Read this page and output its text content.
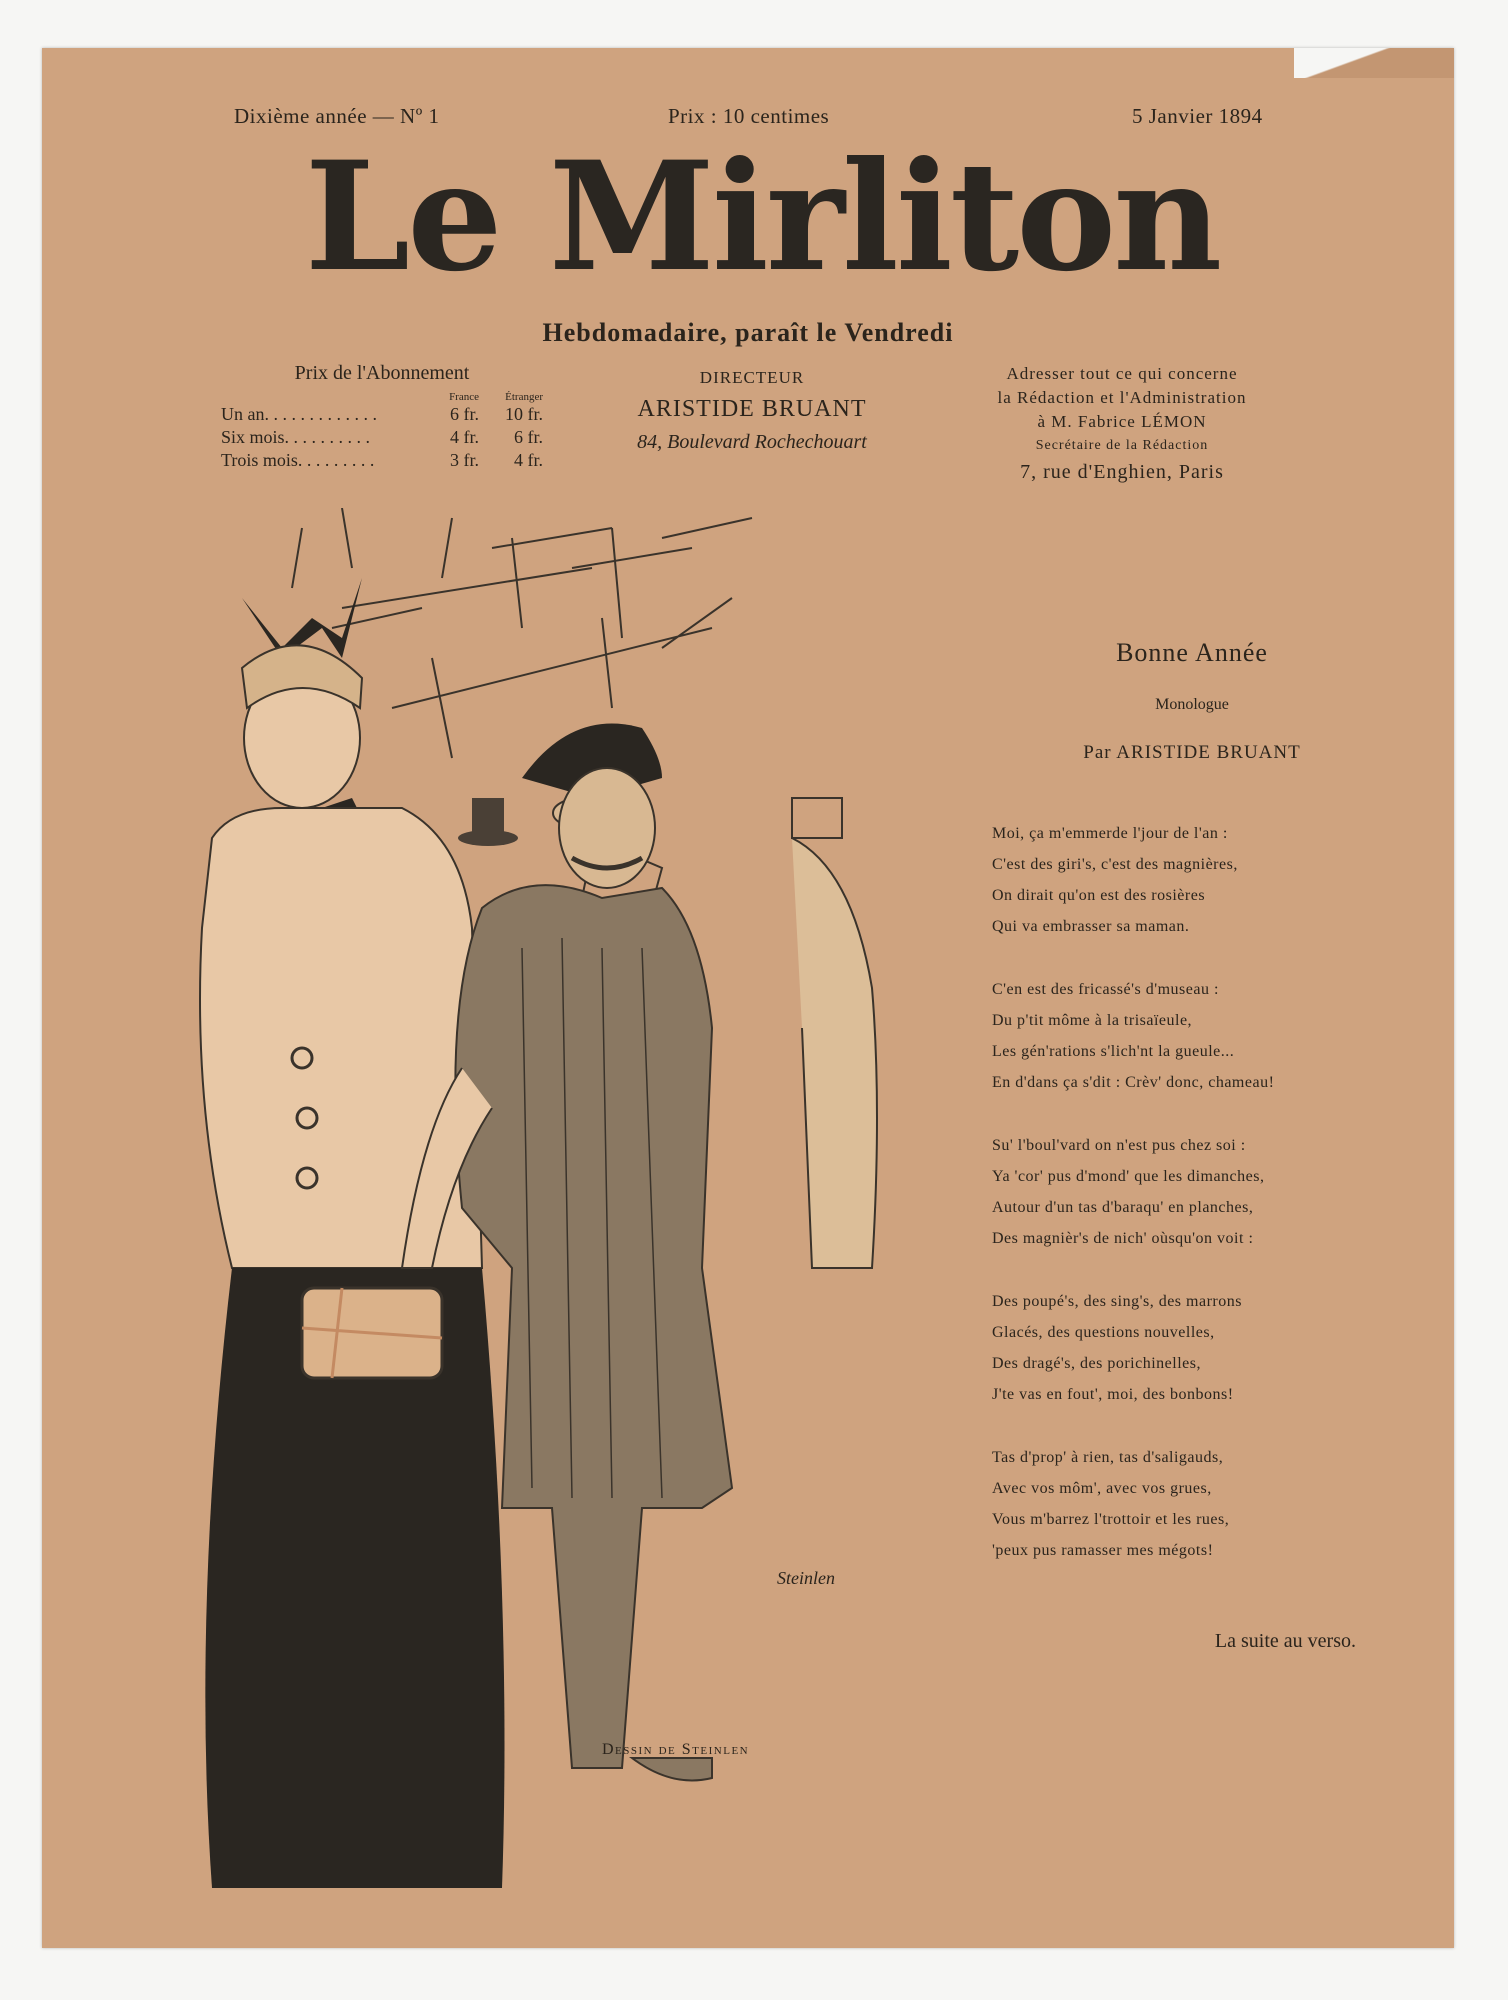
Dixième année — Nº 1	Prix : 10 centimes	5 Janvier 1894
Le Mirliton
Hebdomadaire, paraît le Vendredi
Prix de l'Abonnement
	France	Étranger
Un an. . . . . . . . . . . . .	6 fr.	10 fr.
Six mois. . . . . . . . . .	4 fr.	6 fr.
Trois mois. . . . . . . . .	3 fr.	4 fr.
DIRECTEUR
ARISTIDE BRUANT
84, Boulevard Rochechouart
Adresser tout ce qui concerne
la Rédaction et l'Administration
à M. Fabrice LÉMON
Secrétaire de la Rédaction
7, rue d'Enghien, Paris
Steinlen
Dessin de Steinlen
Bonne Année
Monologue
Par ARISTIDE BRUANT
Moi, ça m'emmerde l'jour de l'an :
C'est des giri's, c'est des magnières,
On dirait qu'on est des rosières
Qui va embrasser sa maman.
C'en est des fricassé's d'museau :
Du p'tit môme à la trisaïeule,
Les gén'rations s'lich'nt la gueule...
En d'dans ça s'dit : Crèv' donc, chameau!
Su' l'boul'vard on n'est pus chez soi :
Ya 'cor' pus d'mond' que les dimanches,
Autour d'un tas d'baraqu' en planches,
Des magnièr's de nich' oùsqu'on voit :
Des poupé's, des sing's, des marrons
Glacés, des questions nouvelles,
Des dragé's, des porichinelles,
J'te vas en fout', moi, des bonbons!
Tas d'prop' à rien, tas d'saligauds,
Avec vos môm', avec vos grues,
Vous m'barrez l'trottoir et les rues,
'peux pus ramasser mes mégots!
La suite au verso.
